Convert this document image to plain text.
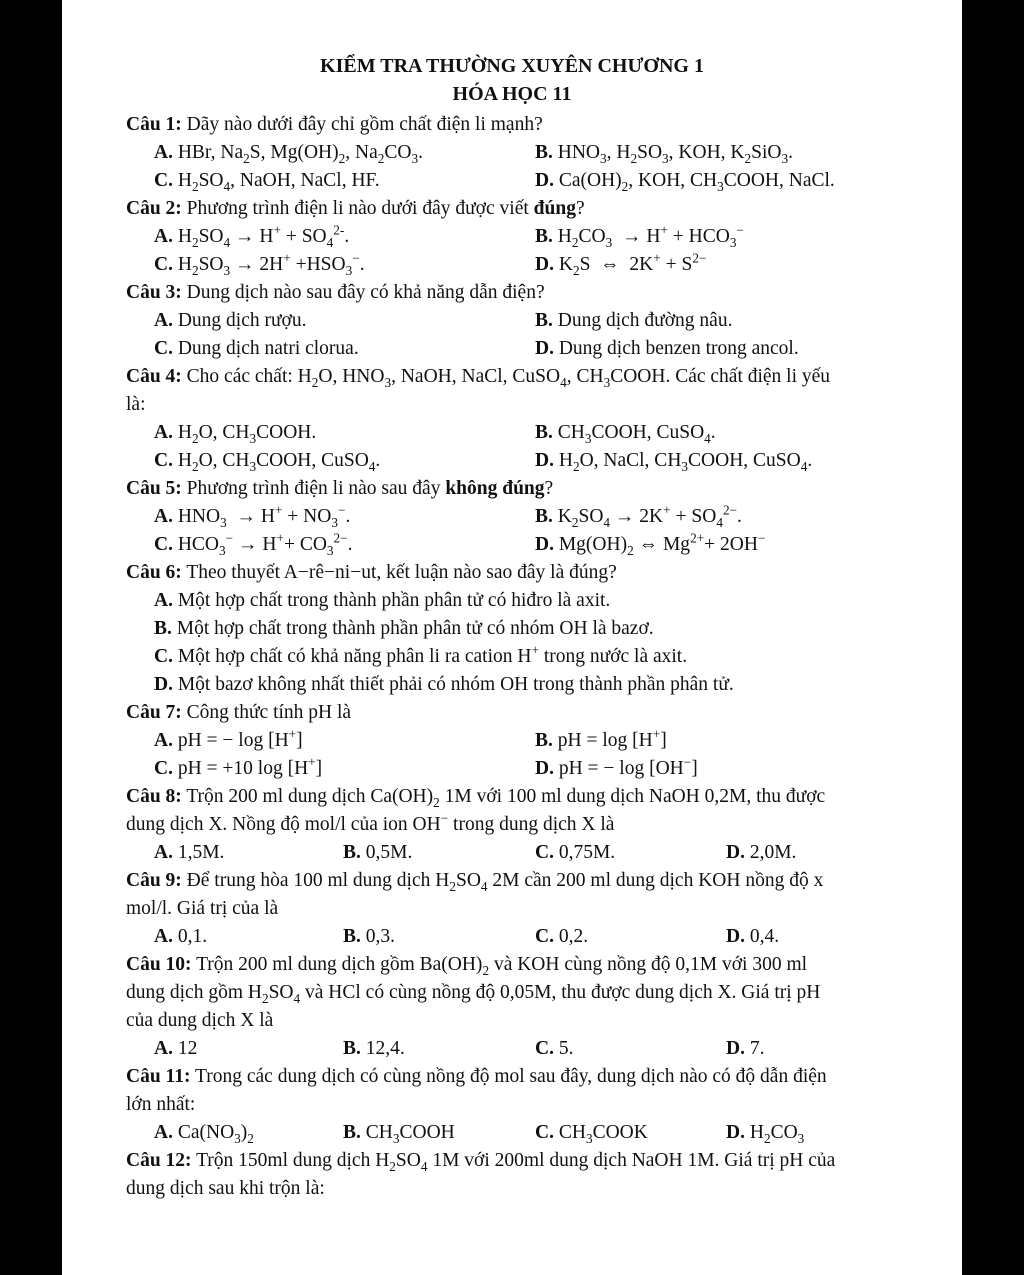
KIỂM TRA THƯỜNG XUYÊN CHƯƠNG 1
HÓA HỌC 11
Câu 1: Dãy nào dưới đây chỉ gồm chất điện li mạnh?
A. HBr, $Na_2S$, $Mg(OH)_2$, $Na_2CO_3$.	B. $HNO_3$, $H_2SO_3$, KOH, $K_2SiO_3$.
C. $H_2SO_4$, NaOH, NaCl, HF.	D. $Ca(OH)_2$, KOH, $CH_3COOH$, NaCl.
Câu 2: Phương trình điện li nào dưới đây được viết đúng?
A. $H_2SO_4 \to H^+ + SO_4^{2-}$.	B. $H_2CO_3 \to H^+ + HCO_3^-$
C. $H_2SO_3 \to 2H^+ +HSO_3^-$.	D. $K_2S$  ⇔  $2K^+ + S^{2-}$
Câu 3: Dung dịch nào sau đây có khả năng dẫn điện?
A. Dung dịch rượu.	B. Dung dịch đường nâu.
C. Dung dịch natri clorua.	D. Dung dịch benzen trong ancol.
Câu 4: Cho các chất: $H_2O$, $HNO_3$, NaOH, NaCl, CuSO$_4$, $CH_3COOH$. Các chất điện li yếu
là:
A. $H_2O$, $CH_3COOH$.	B. $CH_3COOH$, CuSO$_4$.
C. $H_2O$, $CH_3COOH$, CuSO$_4$.	D. $H_2O$, NaCl, $CH_3COOH$, CuSO$_4$.
Câu 5: Phương trình điện li nào sau đây không đúng?
A. $HNO_3 \to H^+ + NO_3^-$.	B. $K_2SO_4 \to 2K^+ + SO_4^{2-}$.
C. $HCO_3^- \to H^++ CO_3^{2-}$.	D. $Mg(OH)_2$ ⇔ $Mg^{2+}+ 2OH^-$
Câu 6: Theo thuyết A−rê−ni−ut, kết luận nào sao đây là đúng?
A. Một hợp chất trong thành phần phân tử có hiđro là axit.
B. Một hợp chất trong thành phần phân tử có nhóm OH là bazơ.
C. Một hợp chất có khả năng phân li ra cation H+ trong nước là axit.
D. Một bazơ không nhất thiết phải có nhóm OH trong thành phần phân tử.
Câu 7: Công thức tính pH là
A. pH = − log [H+]	B. pH = log [H+]
C. pH = +10 log [H+]	D. pH = − log [OH−]
Câu 8: Trộn 200 ml dung dịch $Ca(OH)_2$ 1M với 100 ml dung dịch NaOH 0,2M, thu được
dung dịch X. Nồng độ mol/l của ion OH− trong dung dịch X là
A. 1,5M.	B. 0,5M.	C. 0,75M.	D. 2,0M.
Câu 9: Để trung hòa 100 ml dung dịch $H_2SO_4$ 2M cần 200 ml dung dịch KOH nồng độ x
mol/l. Giá trị của là
A. 0,1.	B. 0,3.	C. 0,2.	D. 0,4.
Câu 10: Trộn 200 ml dung dịch gồm $Ba(OH)_2$ và KOH cùng nồng độ 0,1M với 300 ml
dung dịch gồm $H_2SO_4$ và HCl có cùng nồng độ 0,05M, thu được dung dịch X. Giá trị pH
của dung dịch X là
A. 12	B. 12,4.	C. 5.	D. 7.
Câu 11: Trong các dung dịch có cùng nồng độ mol sau đây, dung dịch nào có độ dẫn điện
lớn nhất:
A. $Ca(NO_3)_2$	B. $CH_3COOH$	C. $CH_3COOK$	D. $H_2CO_3$
Câu 12: Trộn 150ml dung dịch $H_2SO_4$ 1M với 200ml dung dịch NaOH 1M. Giá trị pH của
dung dịch sau khi trộn là:
